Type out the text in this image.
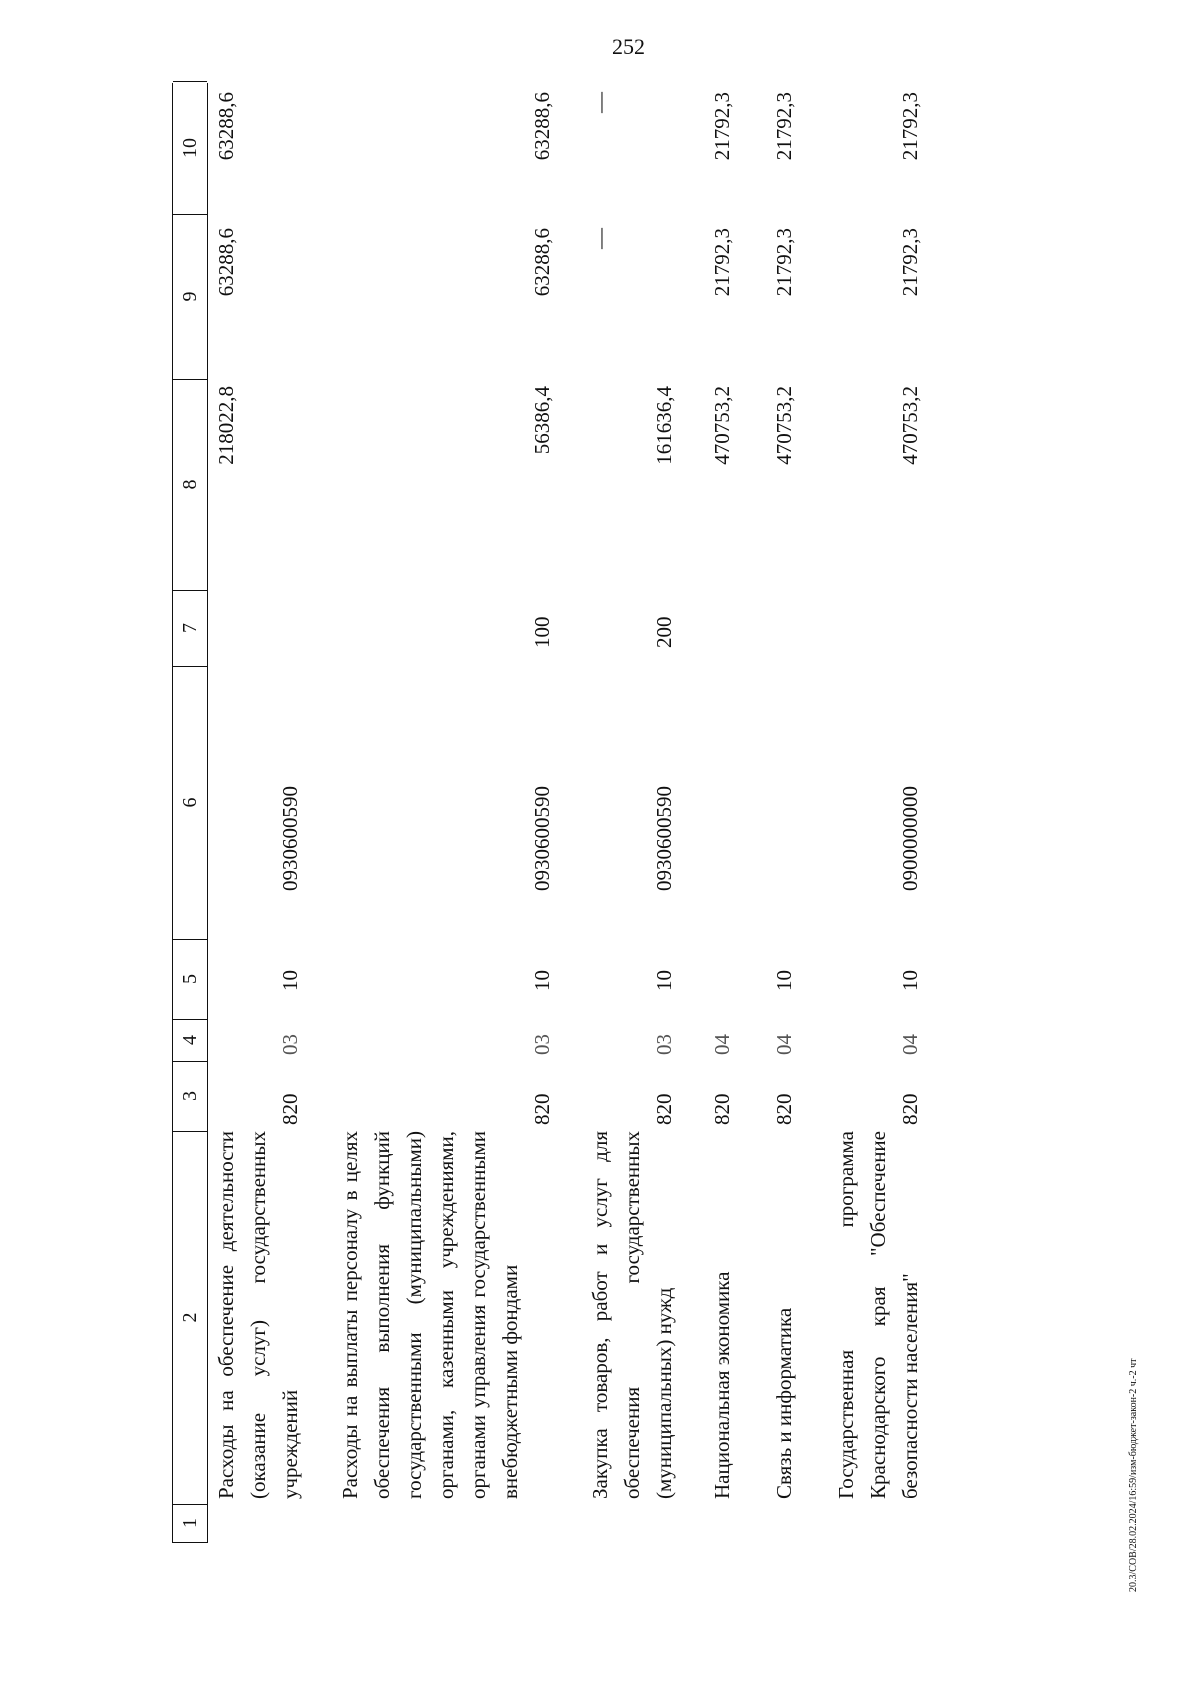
252
1
2
3
4
5
6
7
8
9
10
Расходы на обеспечение деятельности (оказание услуг) государственных учреждений
820
03
10
0930600590
218022,8
63288,6
63288,6
Расходы на выплаты персоналу в целях обеспечения выполнения функций государственными (муниципальными) органами, казенными учреждениями, органами управления государственными внебюджетными фондами
820
03
10
0930600590
100
56386,4
63288,6
63288,6
Закупка товаров, работ и услуг для обеспечения государственных (муниципальных) нужд
820
03
10
0930600590
200
161636,4
—
—
Национальная экономика
820
04
470753,2
21792,3
21792,3
Связь и информатика
820
04
10
470753,2
21792,3
21792,3
Государственная программа Краснодарского края "Обеспечение безопасности населения"
820
04
10
0900000000
470753,2
21792,3
21792,3
20.3/СОВ/28.02.2024/16:59/изм-бюджет-закон-2 ч.-2 чт
